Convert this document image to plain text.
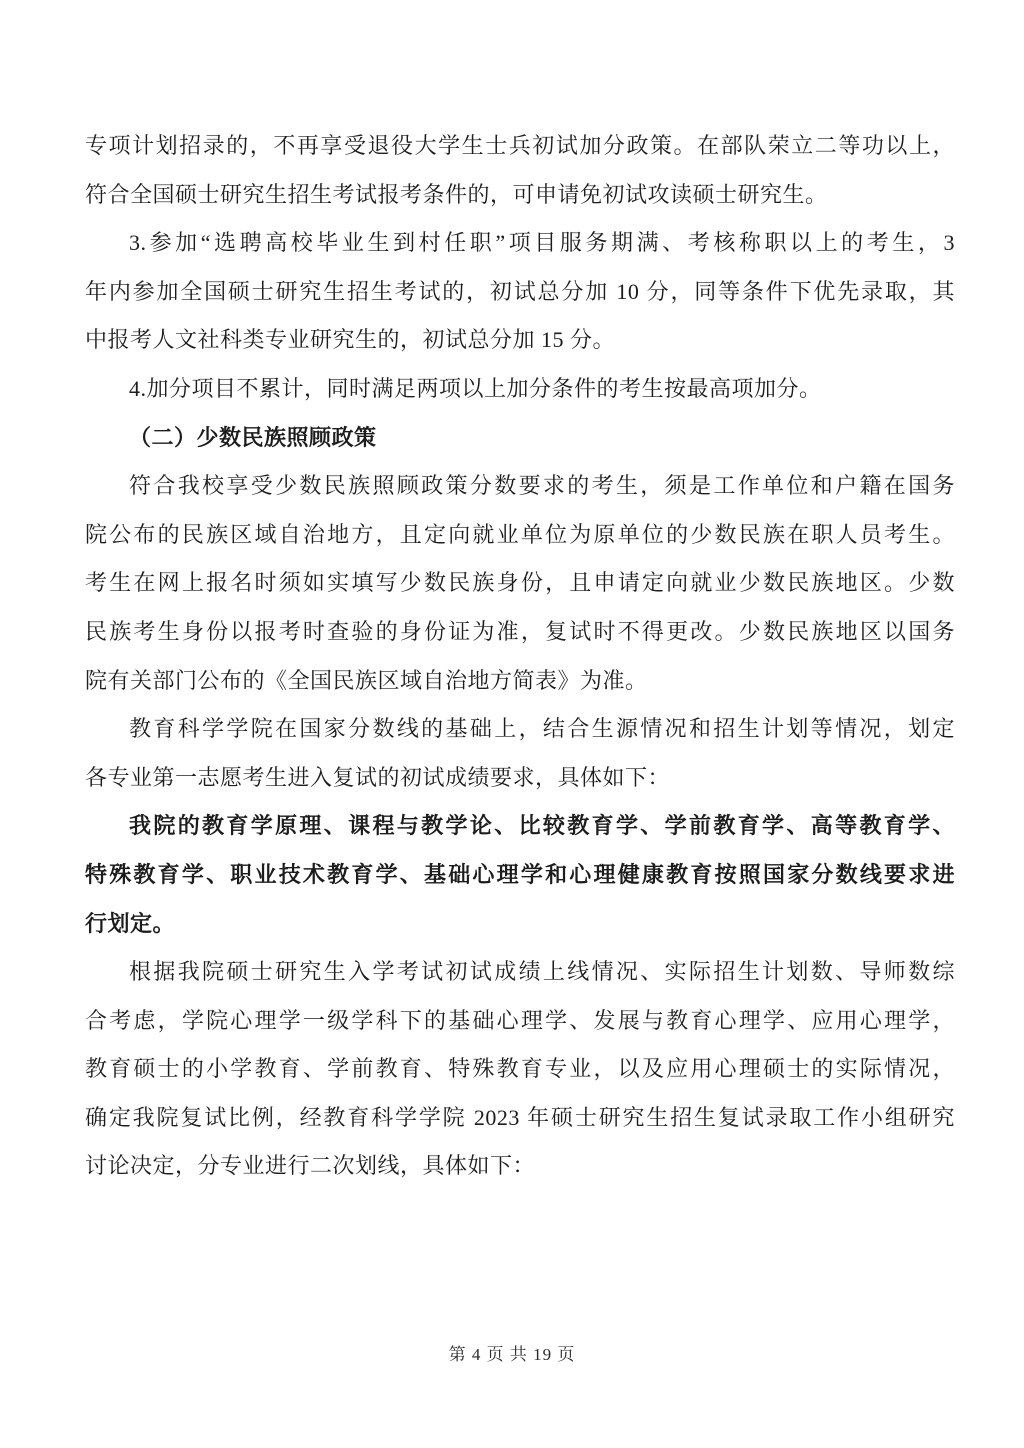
专项计划招录的，不再享受退役大学生士兵初试加分政策。在部队荣立二等功以上，
符合全国硕士研究生招生考试报考条件的，可申请免初试攻读硕士研究生。
3.参加“选聘高校毕业生到村任职”项目服务期满、考核称职以上的考生，3
年内参加全国硕士研究生招生考试的，初试总分加 10 分，同等条件下优先录取，其
中报考人文社科类专业研究生的，初试总分加 15 分。
4.加分项目不累计，同时满足两项以上加分条件的考生按最高项加分。
（二）少数民族照顾政策
符合我校享受少数民族照顾政策分数要求的考生，须是工作单位和户籍在国务
院公布的民族区域自治地方，且定向就业单位为原单位的少数民族在职人员考生。
考生在网上报名时须如实填写少数民族身份，且申请定向就业少数民族地区。少数
民族考生身份以报考时查验的身份证为准，复试时不得更改。少数民族地区以国务
院有关部门公布的《全国民族区域自治地方简表》为准。
教育科学学院在国家分数线的基础上，结合生源情况和招生计划等情况，划定
各专业第一志愿考生进入复试的初试成绩要求，具体如下：
我院的教育学原理、课程与教学论、比较教育学、学前教育学、高等教育学、
特殊教育学、职业技术教育学、基础心理学和心理健康教育按照国家分数线要求进
行划定。
根据我院硕士研究生入学考试初试成绩上线情况、实际招生计划数、导师数综
合考虑，学院心理学一级学科下的基础心理学、发展与教育心理学、应用心理学，
教育硕士的小学教育、学前教育、特殊教育专业，以及应用心理硕士的实际情况，
确定我院复试比例，经教育科学学院 2023 年硕士研究生招生复试录取工作小组研究
讨论决定，分专业进行二次划线，具体如下：
第 4 页 共 19 页
